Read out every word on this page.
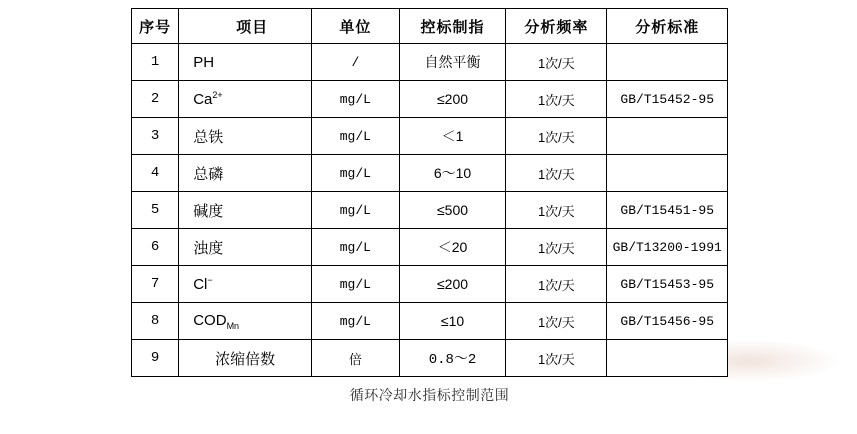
序号	项目	单位	控标制指	分析频率	分析标准
1	PH	/	自然平衡	1次/天	
2	$Ca^{2+}$	mg/L	≤200	1次/天	GB/T15452-95
3	总铁	mg/L	＜1	1次/天	
4	总磷	mg/L	6～10	1次/天	
5	碱度	mg/L	≤500	1次/天	GB/T15451-95
6	浊度	mg/L	＜20	1次/天	GB/T13200-1991
7	Cl−	mg/L	≤200	1次/天	GB/T15453-95
8	$COD_{Mn}$	mg/L	≤10	1次/天	GB/T15456-95
9	浓缩倍数	倍	0.8～2	1次/天	
循环冷却水指标控制范围
